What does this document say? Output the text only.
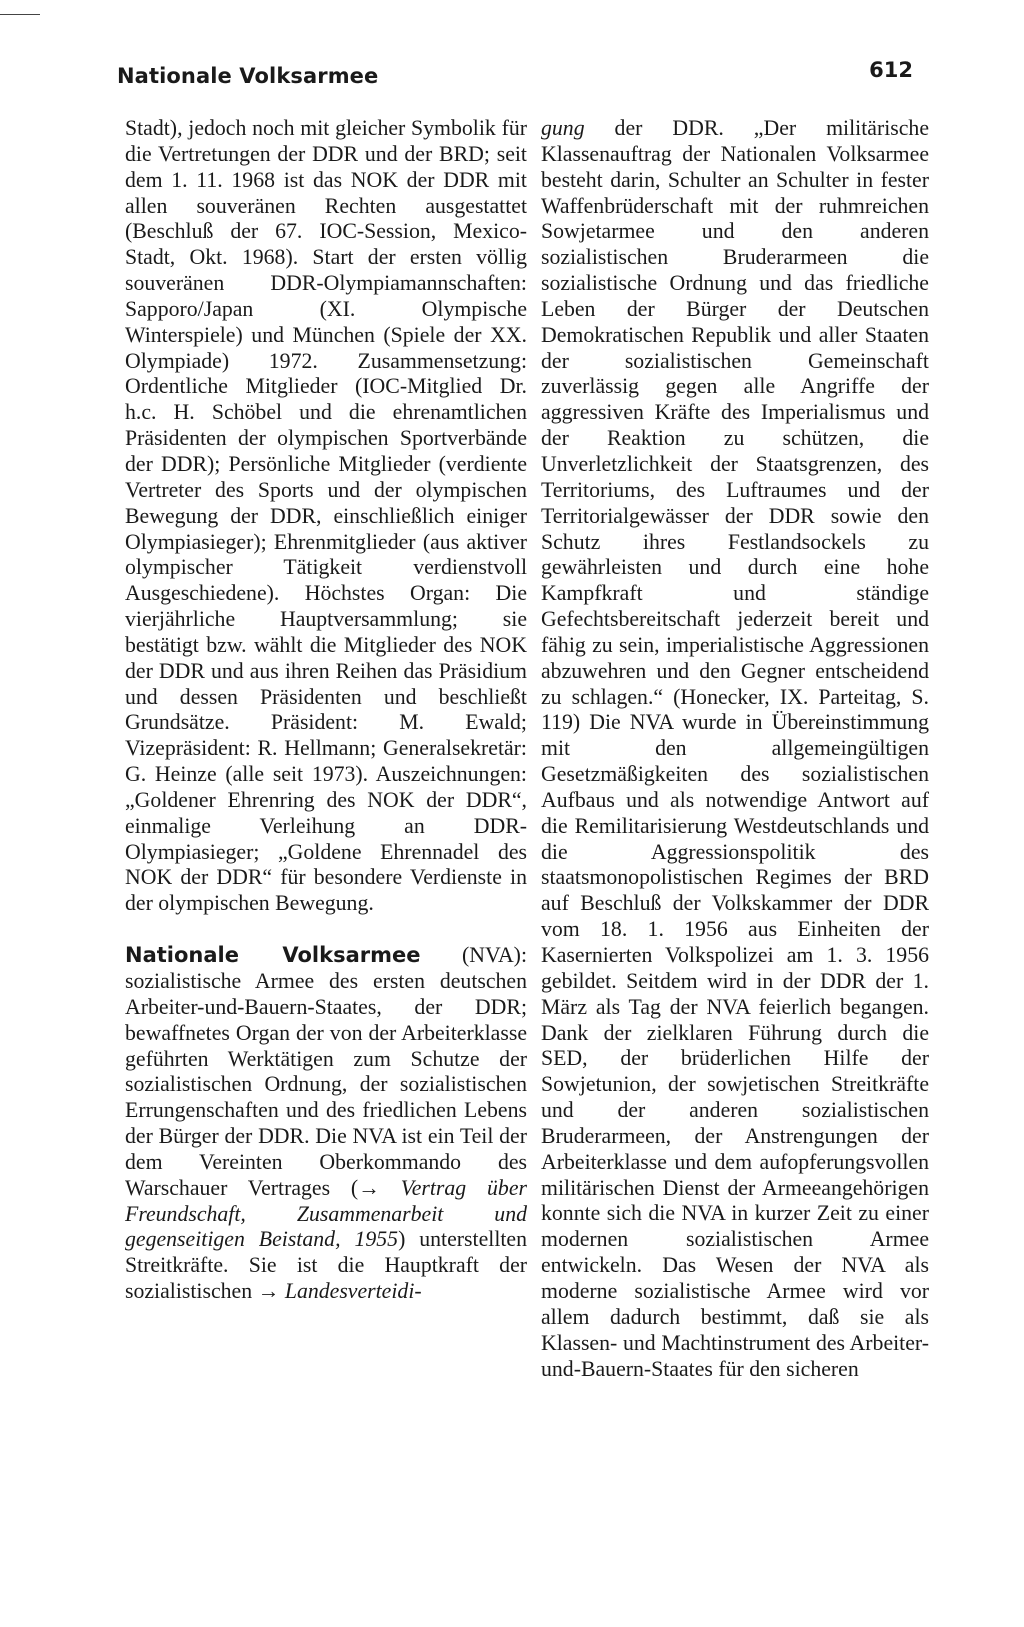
Nationale Volksarmee	612

Stadt), jedoch noch mit gleicher Symbolik für die Vertretungen der DDR und der BRD; seit dem 1. 11. 1968 ist das NOK der DDR mit allen souveränen Rechten ausgestattet (Beschluß der 67. IOC-Session, Mexico-Stadt, Okt. 1968). Start der ersten völlig souveränen DDR-Olympiamannschaften: Sapporo/Japan (XI. Olympische Winterspiele) und München (Spiele der XX. Olympiade) 1972. Zusammensetzung: Ordentliche Mitglieder (IOC-Mitglied Dr. h.c. H. Schöbel und die ehrenamtlichen Präsidenten der olympischen Sportverbände der DDR); Persönliche Mitglieder (verdiente Vertreter des Sports und der olympischen Bewegung der DDR, einschließlich einiger Olympiasieger); Ehrenmitglieder (aus aktiver olympischer Tätigkeit verdienstvoll Ausgeschiedene). Höchstes Organ: Die vierjährliche Hauptversammlung; sie bestätigt bzw. wählt die Mitglieder des NOK der DDR und aus ihren Reihen das Präsidium und dessen Präsidenten und beschließt Grundsätze. Präsident: M. Ewald; Vizepräsident: R. Hellmann; Generalsekretär: G. Heinze (alle seit 1973). Auszeichnungen: „Goldener Ehrenring des NOK der DDR“, einmalige Verleihung an DDR-Olympiasieger; „Goldene Ehrennadel des NOK der DDR“ für besondere Verdienste in der olympischen Bewegung.

Nationale Volksarmee (NVA): sozialistische Armee des ersten deutschen Arbeiter-und-Bauern-Staates, der DDR; bewaffnetes Organ der von der Arbeiterklasse geführten Werktätigen zum Schutze der sozialistischen Ordnung, der sozialistischen Errungenschaften und des friedlichen Lebens der Bürger der DDR. Die NVA ist ein Teil der dem Vereinten Oberkommando des Warschauer Vertrages (→ Vertrag über Freundschaft, Zusammenarbeit und gegenseitigen Beistand, 1955) unterstellten Streitkräfte. Sie ist die Hauptkraft der sozialistischen → Landesverteidi-

gung der DDR. „Der militärische Klassenauftrag der Nationalen Volksarmee besteht darin, Schulter an Schulter in fester Waffenbrüderschaft mit der ruhmreichen Sowjetarmee und den anderen sozialistischen Bruderarmeen die sozialistische Ordnung und das friedliche Leben der Bürger der Deutschen Demokratischen Republik und aller Staaten der sozialistischen Gemeinschaft zuverlässig gegen alle Angriffe der aggressiven Kräfte des Imperialismus und der Reaktion zu schützen, die Unverletzlichkeit der Staatsgrenzen, des Territoriums, des Luftraumes und der Territorialgewässer der DDR sowie den Schutz ihres Festlandsockels zu gewährleisten und durch eine hohe Kampfkraft und ständige Gefechtsbereitschaft jederzeit bereit und fähig zu sein, imperialistische Aggressionen abzuwehren und den Gegner entscheidend zu schlagen.“ (Honecker, IX. Parteitag, S. 119) Die NVA wurde in Übereinstimmung mit den allgemeingültigen Gesetzmäßigkeiten des sozialistischen Aufbaus und als notwendige Antwort auf die Remilitarisierung Westdeutschlands und die Aggressionspolitik des staatsmonopolistischen Regimes der BRD auf Beschluß der Volkskammer der DDR vom 18. 1. 1956 aus Einheiten der Kasernierten Volkspolizei am 1. 3. 1956 gebildet. Seitdem wird in der DDR der 1. März als Tag der NVA feierlich begangen. Dank der zielklaren Führung durch die SED, der brüderlichen Hilfe der Sowjetunion, der sowjetischen Streitkräfte und der anderen sozialistischen Bruderarmeen, der Anstrengungen der Arbeiterklasse und dem aufopferungsvollen militärischen Dienst der Armeeangehörigen konnte sich die NVA in kurzer Zeit zu einer modernen sozialistischen Armee entwickeln. Das Wesen der NVA als moderne sozialistische Armee wird vor allem dadurch bestimmt, daß sie als Klassen- und Machtinstrument des Arbeiter-und-Bauern-Staates für den sicheren
